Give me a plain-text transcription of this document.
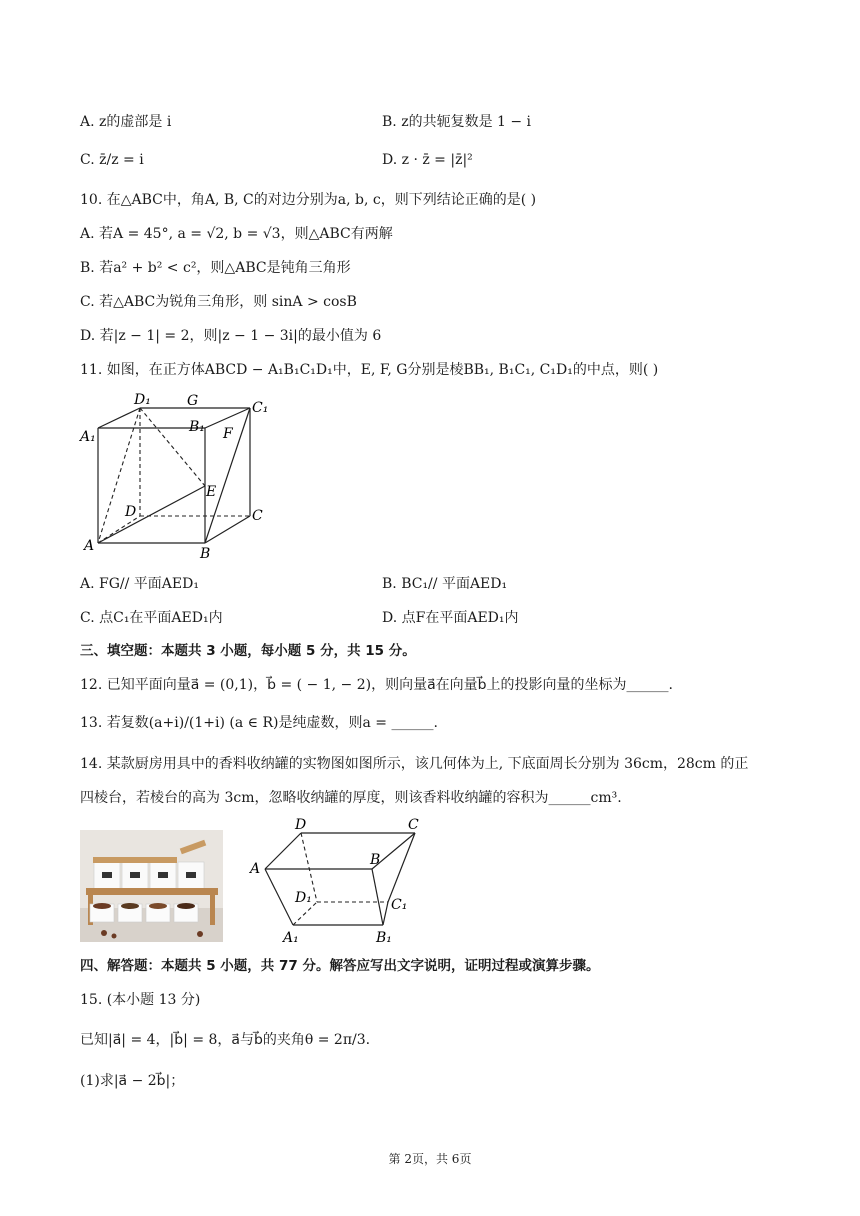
A. z的虚部是 i	B. z的共轭复数是 1 − i
C. z̄/z = i	D. z · z̄ = |z̄|²
10. 在△ABC中，角A, B, C的对边分别为a, b, c，则下列结论正确的是( )
A. 若A = 45°, a = √2, b = √3，则△ABC有两解
B. 若a² + b² < c²，则△ABC是钝角三角形
C. 若△ABC为锐角三角形，则 sinA > cosB
D. 若|z − 1| = 2，则|z − 1 − 3i|的最小值为 6
11. 如图，在正方体ABCD − A₁B₁C₁D₁中，E, F, G分别是棱BB₁, B₁C₁, C₁D₁的中点，则( )
D₁	G	C₁
A₁
B₁ F
E
D	C
A	B
A. FG// 平面AED₁	B. BC₁// 平面AED₁
C. 点C₁在平面AED₁内	D. 点F在平面AED₁内
三、填空题：本题共 3 小题，每小题 5 分，共 15 分。
12. 已知平面向量a⃗ = (0,1)，b⃗ = ( − 1, − 2)，则向量a⃗在向量b⃗上的投影向量的坐标为______.
13. 若复数(a+i)/(1+i) (a ∈ R)是纯虚数，则a = ______.
14. 某款厨房用具中的香料收纳罐的实物图如图所示，该几何体为上, 下底面周长分别为 36cm，28cm 的正
四棱台，若棱台的高为 3cm，忽略收纳罐的厚度，则该香料收纳罐的容积为______cm³.
D	C
A
B
D₁	C₁
A₁	B₁
四、解答题：本题共 5 小题，共 77 分。解答应写出文字说明，证明过程或演算步骤。
15. (本小题 13 分)
已知|a⃗| = 4，|b⃗| = 8，a⃗与b⃗的夹角θ = 2π/3.
(1)求|a⃗ − 2b⃗|；
第 2页，共 6页
